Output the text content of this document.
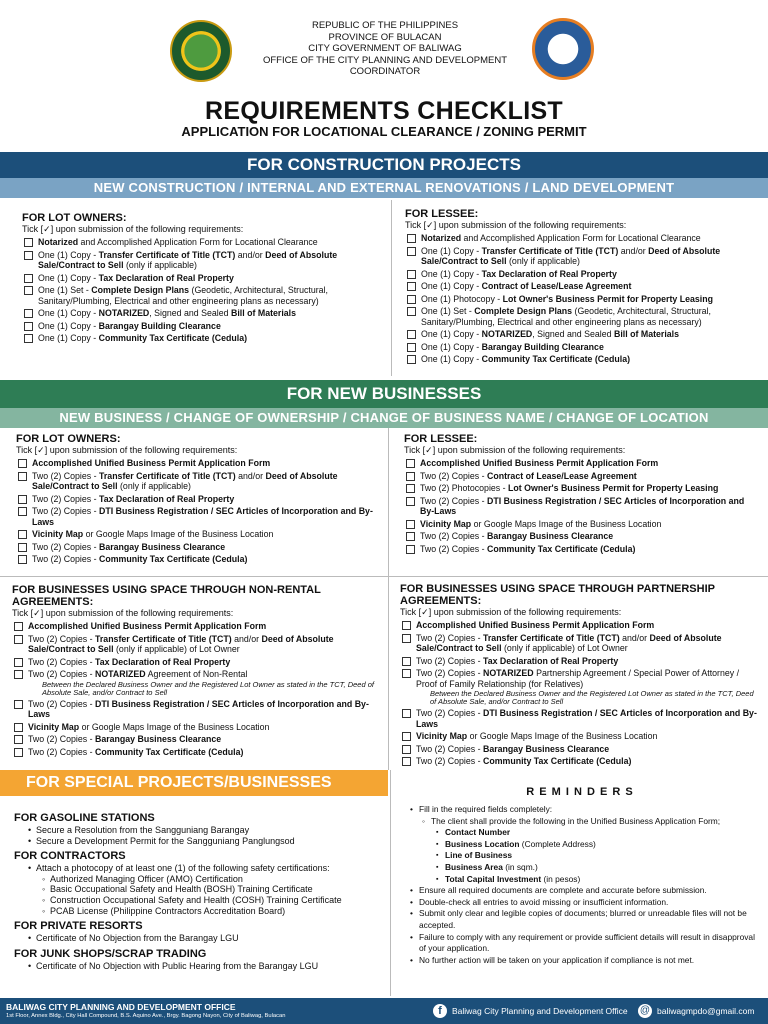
REPUBLIC OF THE PHILIPPINES
PROVINCE OF BULACAN
CITY GOVERNMENT OF BALIWAG
OFFICE OF THE CITY PLANNING AND DEVELOPMENT
COORDINATOR
REQUIREMENTS CHECKLIST
APPLICATION FOR LOCATIONAL CLEARANCE / ZONING PERMIT
FOR CONSTRUCTION PROJECTS
NEW CONSTRUCTION / INTERNAL AND EXTERNAL RENOVATIONS / LAND DEVELOPMENT
FOR LOT OWNERS:
Tick [✓] upon submission of the following requirements:
Notarized and Accomplished Application Form for Locational Clearance
One (1) Copy - Transfer Certificate of Title (TCT) and/or Deed of Absolute Sale/Contract to Sell (only if applicable)
One (1) Copy - Tax Declaration of Real Property
One (1) Set - Complete Design Plans (Geodetic, Architectural, Structural, Sanitary/Plumbing, Electrical and other engineering plans as necessary)
One (1) Copy - NOTARIZED, Signed and Sealed Bill of Materials
One (1) Copy - Barangay Building Clearance
One (1) Copy - Community Tax Certificate (Cedula)
FOR LESSEE:
Tick [✓] upon submission of the following requirements:
Notarized and Accomplished Application Form for Locational Clearance
One (1) Copy - Transfer Certificate of Title (TCT) and/or Deed of Absolute Sale/Contract to Sell (only if applicable)
One (1) Copy - Tax Declaration of Real Property
One (1) Copy - Contract of Lease/Lease Agreement
One (1) Photocopy - Lot Owner's Business Permit for Property Leasing
One (1) Set - Complete Design Plans (Geodetic, Architectural, Structural, Sanitary/Plumbing, Electrical and other engineering plans as necessary)
One (1) Copy - NOTARIZED, Signed and Sealed Bill of Materials
One (1) Copy - Barangay Building Clearance
One (1) Copy - Community Tax Certificate (Cedula)
FOR NEW BUSINESSES
NEW BUSINESS / CHANGE OF OWNERSHIP / CHANGE OF BUSINESS NAME / CHANGE OF LOCATION
FOR LOT OWNERS:
Tick [✓] upon submission of the following requirements:
Accomplished Unified Business Permit Application Form
Two (2) Copies - Transfer Certificate of Title (TCT) and/or Deed of Absolute Sale/Contract to Sell (only if applicable)
Two (2) Copies - Tax Declaration of Real Property
Two (2) Copies - DTI Business Registration / SEC Articles of Incorporation and By-Laws
Vicinity Map or Google Maps Image of the Business Location
Two (2) Copies - Barangay Business Clearance
Two (2) Copies - Community Tax Certificate (Cedula)
FOR LESSEE:
Tick [✓] upon submission of the following requirements:
Accomplished Unified Business Permit Application Form
Two (2) Copies - Contract of Lease/Lease Agreement
Two (2) Photocopies - Lot Owner's Business Permit for Property Leasing
Two (2) Copies - DTI Business Registration / SEC Articles of Incorporation and By-Laws
Vicinity Map or Google Maps Image of the Business Location
Two (2) Copies - Barangay Business Clearance
Two (2) Copies - Community Tax Certificate (Cedula)
FOR BUSINESSES USING SPACE THROUGH NON-RENTAL AGREEMENTS:
Tick [✓] upon submission of the following requirements:
Accomplished Unified Business Permit Application Form
Two (2) Copies - Transfer Certificate of Title (TCT) and/or Deed of Absolute Sale/Contract to Sell (only if applicable) of Lot Owner
Two (2) Copies - Tax Declaration of Real Property
Two (2) Copies - NOTARIZED Agreement of Non-Rental
Between the Declared Business Owner and the Registered Lot Owner as stated in the TCT, Deed of Absolute Sale, and/or Contract to Sell
Two (2) Copies - DTI Business Registration / SEC Articles of Incorporation and By-Laws
Vicinity Map or Google Maps Image of the Business Location
Two (2) Copies - Barangay Business Clearance
Two (2) Copies - Community Tax Certificate (Cedula)
FOR BUSINESSES USING SPACE THROUGH PARTNERSHIP AGREEMENTS:
Tick [✓] upon submission of the following requirements:
Accomplished Unified Business Permit Application Form
Two (2) Copies - Transfer Certificate of Title (TCT) and/or Deed of Absolute Sale/Contract to Sell (only if applicable) of Lot Owner
Two (2) Copies - Tax Declaration of Real Property
Two (2) Copies - NOTARIZED Partnership Agreement / Special Power of Attorney / Proof of Family Relationship (for Relatives)
Between the Declared Business Owner and the Registered Lot Owner as stated in the TCT, Deed of Absolute Sale, and/or Contract to Sell
Two (2) Copies - DTI Business Registration / SEC Articles of Incorporation and By-Laws
Vicinity Map or Google Maps Image of the Business Location
Two (2) Copies - Barangay Business Clearance
Two (2) Copies - Community Tax Certificate (Cedula)
FOR SPECIAL PROJECTS/BUSINESSES
FOR GASOLINE STATIONS
• Secure a Resolution from the Sangguniang Barangay
• Secure a Development Permit for the Sangguniang Panglungsod
FOR CONTRACTORS
• Attach a photocopy of at least one (1) of the following safety certifications:
◦ Authorized Managing Officer (AMO) Certification
◦ Basic Occupational Safety and Health (BOSH) Training Certificate
◦ Construction Occupational Safety and Health (COSH) Training Certificate
◦ PCAB License (Philippine Contractors Accreditation Board)
FOR PRIVATE RESORTS
• Certificate of No Objection from the Barangay LGU
FOR JUNK SHOPS/SCRAP TRADING
• Certificate of No Objection with Public Hearing from the Barangay LGU
R E M I N D E R S
• Fill in the required fields completely:
◦ The client shall provide the following in the Unified Business Application Form;
▪ Contact Number
▪ Business Location (Complete Address)
▪ Line of Business
▪ Business Area (in sqm.)
▪ Total Capital Investment (in pesos)
• Ensure all required documents are complete and accurate before submission.
• Double-check all entries to avoid missing or insufficient information.
• Submit only clear and legible copies of documents; blurred or unreadable files will not be accepted.
• Failure to comply with any requirement or provide sufficient details will result in disapproval of your application.
• No further action will be taken on your application if compliance is not met.
BALIWAG CITY PLANNING AND DEVELOPMENT OFFICE
1st Floor, Annex Bldg., City Hall Compound, B.S. Aquino Ave., Brgy. Bagong Nayon, City of Baliwag, Bulacan	f	Baliwag City Planning and Development Office @ baliwagmpdo@gmail.com
